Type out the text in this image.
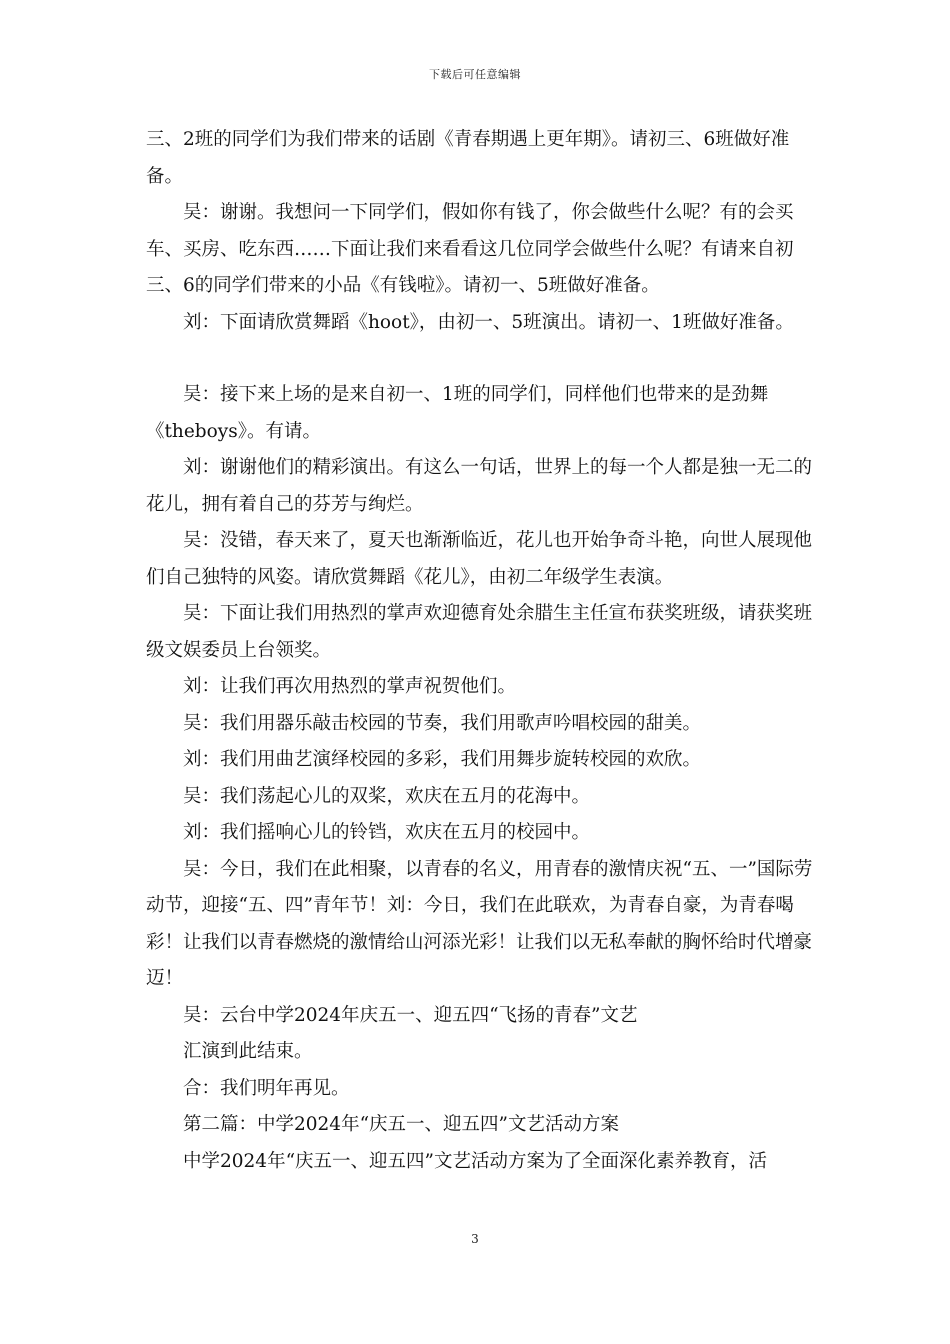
下载后可任意编辑

三、2班的同学们为我们带来的话剧《青春期遇上更年期》。请初三、6班做好准备。

吴：谢谢。我想问一下同学们，假如你有钱了，你会做些什么呢？有的会买车、买房、吃东西……下面让我们来看看这几位同学会做些什么呢？有请来自初三、6的同学们带来的小品《有钱啦》。请初一、5班做好准备。

刘：下面请欣赏舞蹈《hoot》，由初一、5班演出。请初一、1班做好准备。

吴：接下来上场的是来自初一、1班的同学们，同样他们也带来的是劲舞《theboys》。有请。

刘：谢谢他们的精彩演出。有这么一句话，世界上的每一个人都是独一无二的花儿，拥有着自己的芬芳与绚烂。

吴：没错，春天来了，夏天也渐渐临近，花儿也开始争奇斗艳，向世人展现他们自己独特的风姿。请欣赏舞蹈《花儿》，由初二年级学生表演。

吴：下面让我们用热烈的掌声欢迎德育处余腊生主任宣布获奖班级，请获奖班级文娱委员上台领奖。

刘：让我们再次用热烈的掌声祝贺他们。

吴：我们用器乐敲击校园的节奏，我们用歌声吟唱校园的甜美。

刘：我们用曲艺演绎校园的多彩，我们用舞步旋转校园的欢欣。

吴：我们荡起心儿的双桨，欢庆在五月的花海中。

刘：我们摇响心儿的铃铛，欢庆在五月的校园中。

吴：今日，我们在此相聚，以青春的名义，用青春的激情庆祝“五、一”国际劳动节，迎接“五、四”青年节！刘：今日，我们在此联欢，为青春自豪，为青春喝彩！让我们以青春燃烧的激情给山河添光彩！让我们以无私奉献的胸怀给时代增豪迈！

吴：云台中学2024年庆五一、迎五四“飞扬的青春”文艺

汇演到此结束。

合：我们明年再见。

第二篇：中学2024年“庆五一、迎五四”文艺活动方案

中学2024年“庆五一、迎五四”文艺活动方案为了全面深化素养教育，活

3
